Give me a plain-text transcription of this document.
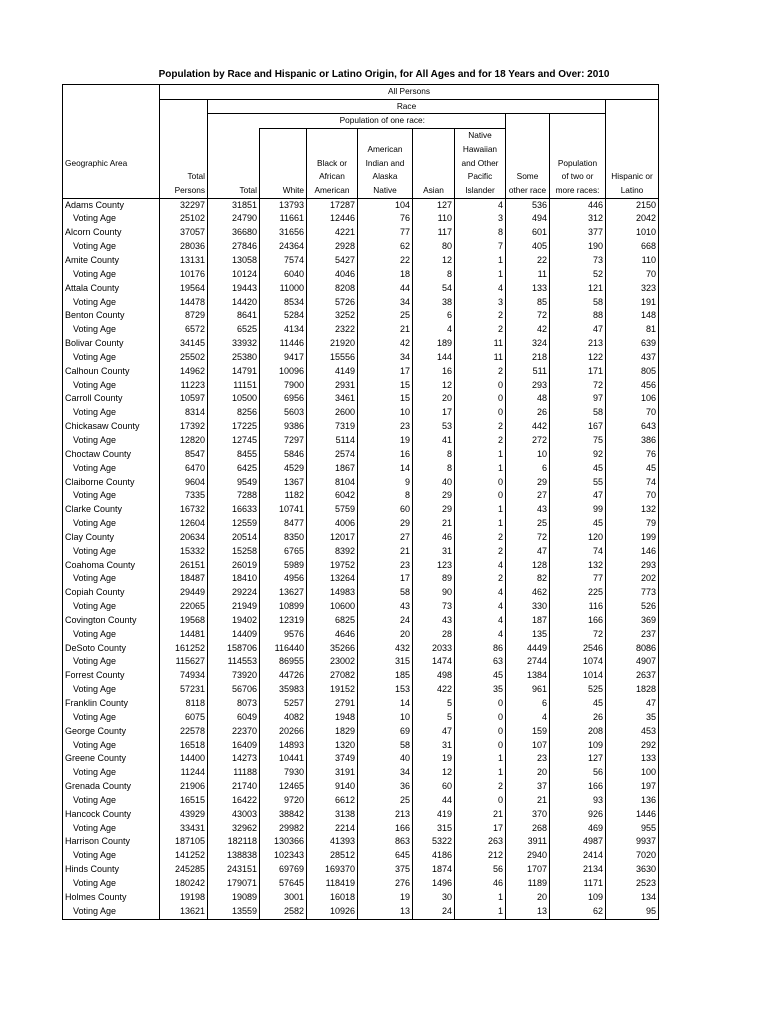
Population by Race and Hispanic or Latino Origin, for All Ages and for 18 Years and Over: 2010
	All Persons									
		Race								
			Population of one race:							
							Native			
					American		Hawaiian			
Geographic Area				Black or	Indian and		and Other		Population	
	Total			African	Alaska		Pacific	Some	of two or	Hispanic or
	Persons	Total	White	American	Native	Asian	Islander	other race	more races:	Latino
Adams County	32297	31851	13793	17287	104	127	4	536	446	2150
Voting Age	25102	24790	11661	12446	76	110	3	494	312	2042
Alcorn County	37057	36680	31656	4221	77	117	8	601	377	1010
Voting Age	28036	27846	24364	2928	62	80	7	405	190	668
Amite County	13131	13058	7574	5427	22	12	1	22	73	110
Voting Age	10176	10124	6040	4046	18	8	1	11	52	70
Attala County	19564	19443	11000	8208	44	54	4	133	121	323
Voting Age	14478	14420	8534	5726	34	38	3	85	58	191
Benton County	8729	8641	5284	3252	25	6	2	72	88	148
Voting Age	6572	6525	4134	2322	21	4	2	42	47	81
Bolivar County	34145	33932	11446	21920	42	189	11	324	213	639
Voting Age	25502	25380	9417	15556	34	144	11	218	122	437
Calhoun County	14962	14791	10096	4149	17	16	2	511	171	805
Voting Age	11223	11151	7900	2931	15	12	0	293	72	456
Carroll County	10597	10500	6956	3461	15	20	0	48	97	106
Voting Age	8314	8256	5603	2600	10	17	0	26	58	70
Chickasaw County	17392	17225	9386	7319	23	53	2	442	167	643
Voting Age	12820	12745	7297	5114	19	41	2	272	75	386
Choctaw County	8547	8455	5846	2574	16	8	1	10	92	76
Voting Age	6470	6425	4529	1867	14	8	1	6	45	45
Claiborne County	9604	9549	1367	8104	9	40	0	29	55	74
Voting Age	7335	7288	1182	6042	8	29	0	27	47	70
Clarke County	16732	16633	10741	5759	60	29	1	43	99	132
Voting Age	12604	12559	8477	4006	29	21	1	25	45	79
Clay County	20634	20514	8350	12017	27	46	2	72	120	199
Voting Age	15332	15258	6765	8392	21	31	2	47	74	146
Coahoma County	26151	26019	5989	19752	23	123	4	128	132	293
Voting Age	18487	18410	4956	13264	17	89	2	82	77	202
Copiah County	29449	29224	13627	14983	58	90	4	462	225	773
Voting Age	22065	21949	10899	10600	43	73	4	330	116	526
Covington County	19568	19402	12319	6825	24	43	4	187	166	369
Voting Age	14481	14409	9576	4646	20	28	4	135	72	237
DeSoto County	161252	158706	116440	35266	432	2033	86	4449	2546	8086
Voting Age	115627	114553	86955	23002	315	1474	63	2744	1074	4907
Forrest County	74934	73920	44726	27082	185	498	45	1384	1014	2637
Voting Age	57231	56706	35983	19152	153	422	35	961	525	1828
Franklin County	8118	8073	5257	2791	14	5	0	6	45	47
Voting Age	6075	6049	4082	1948	10	5	0	4	26	35
George County	22578	22370	20266	1829	69	47	0	159	208	453
Voting Age	16518	16409	14893	1320	58	31	0	107	109	292
Greene County	14400	14273	10441	3749	40	19	1	23	127	133
Voting Age	11244	11188	7930	3191	34	12	1	20	56	100
Grenada County	21906	21740	12465	9140	36	60	2	37	166	197
Voting Age	16515	16422	9720	6612	25	44	0	21	93	136
Hancock County	43929	43003	38842	3138	213	419	21	370	926	1446
Voting Age	33431	32962	29982	2214	166	315	17	268	469	955
Harrison County	187105	182118	130366	41393	863	5322	263	3911	4987	9937
Voting Age	141252	138838	102343	28512	645	4186	212	2940	2414	7020
Hinds County	245285	243151	69769	169370	375	1874	56	1707	2134	3630
Voting Age	180242	179071	57645	118419	276	1496	46	1189	1171	2523
Holmes County	19198	19089	3001	16018	19	30	1	20	109	134
Voting Age	13621	13559	2582	10926	13	24	1	13	62	95
